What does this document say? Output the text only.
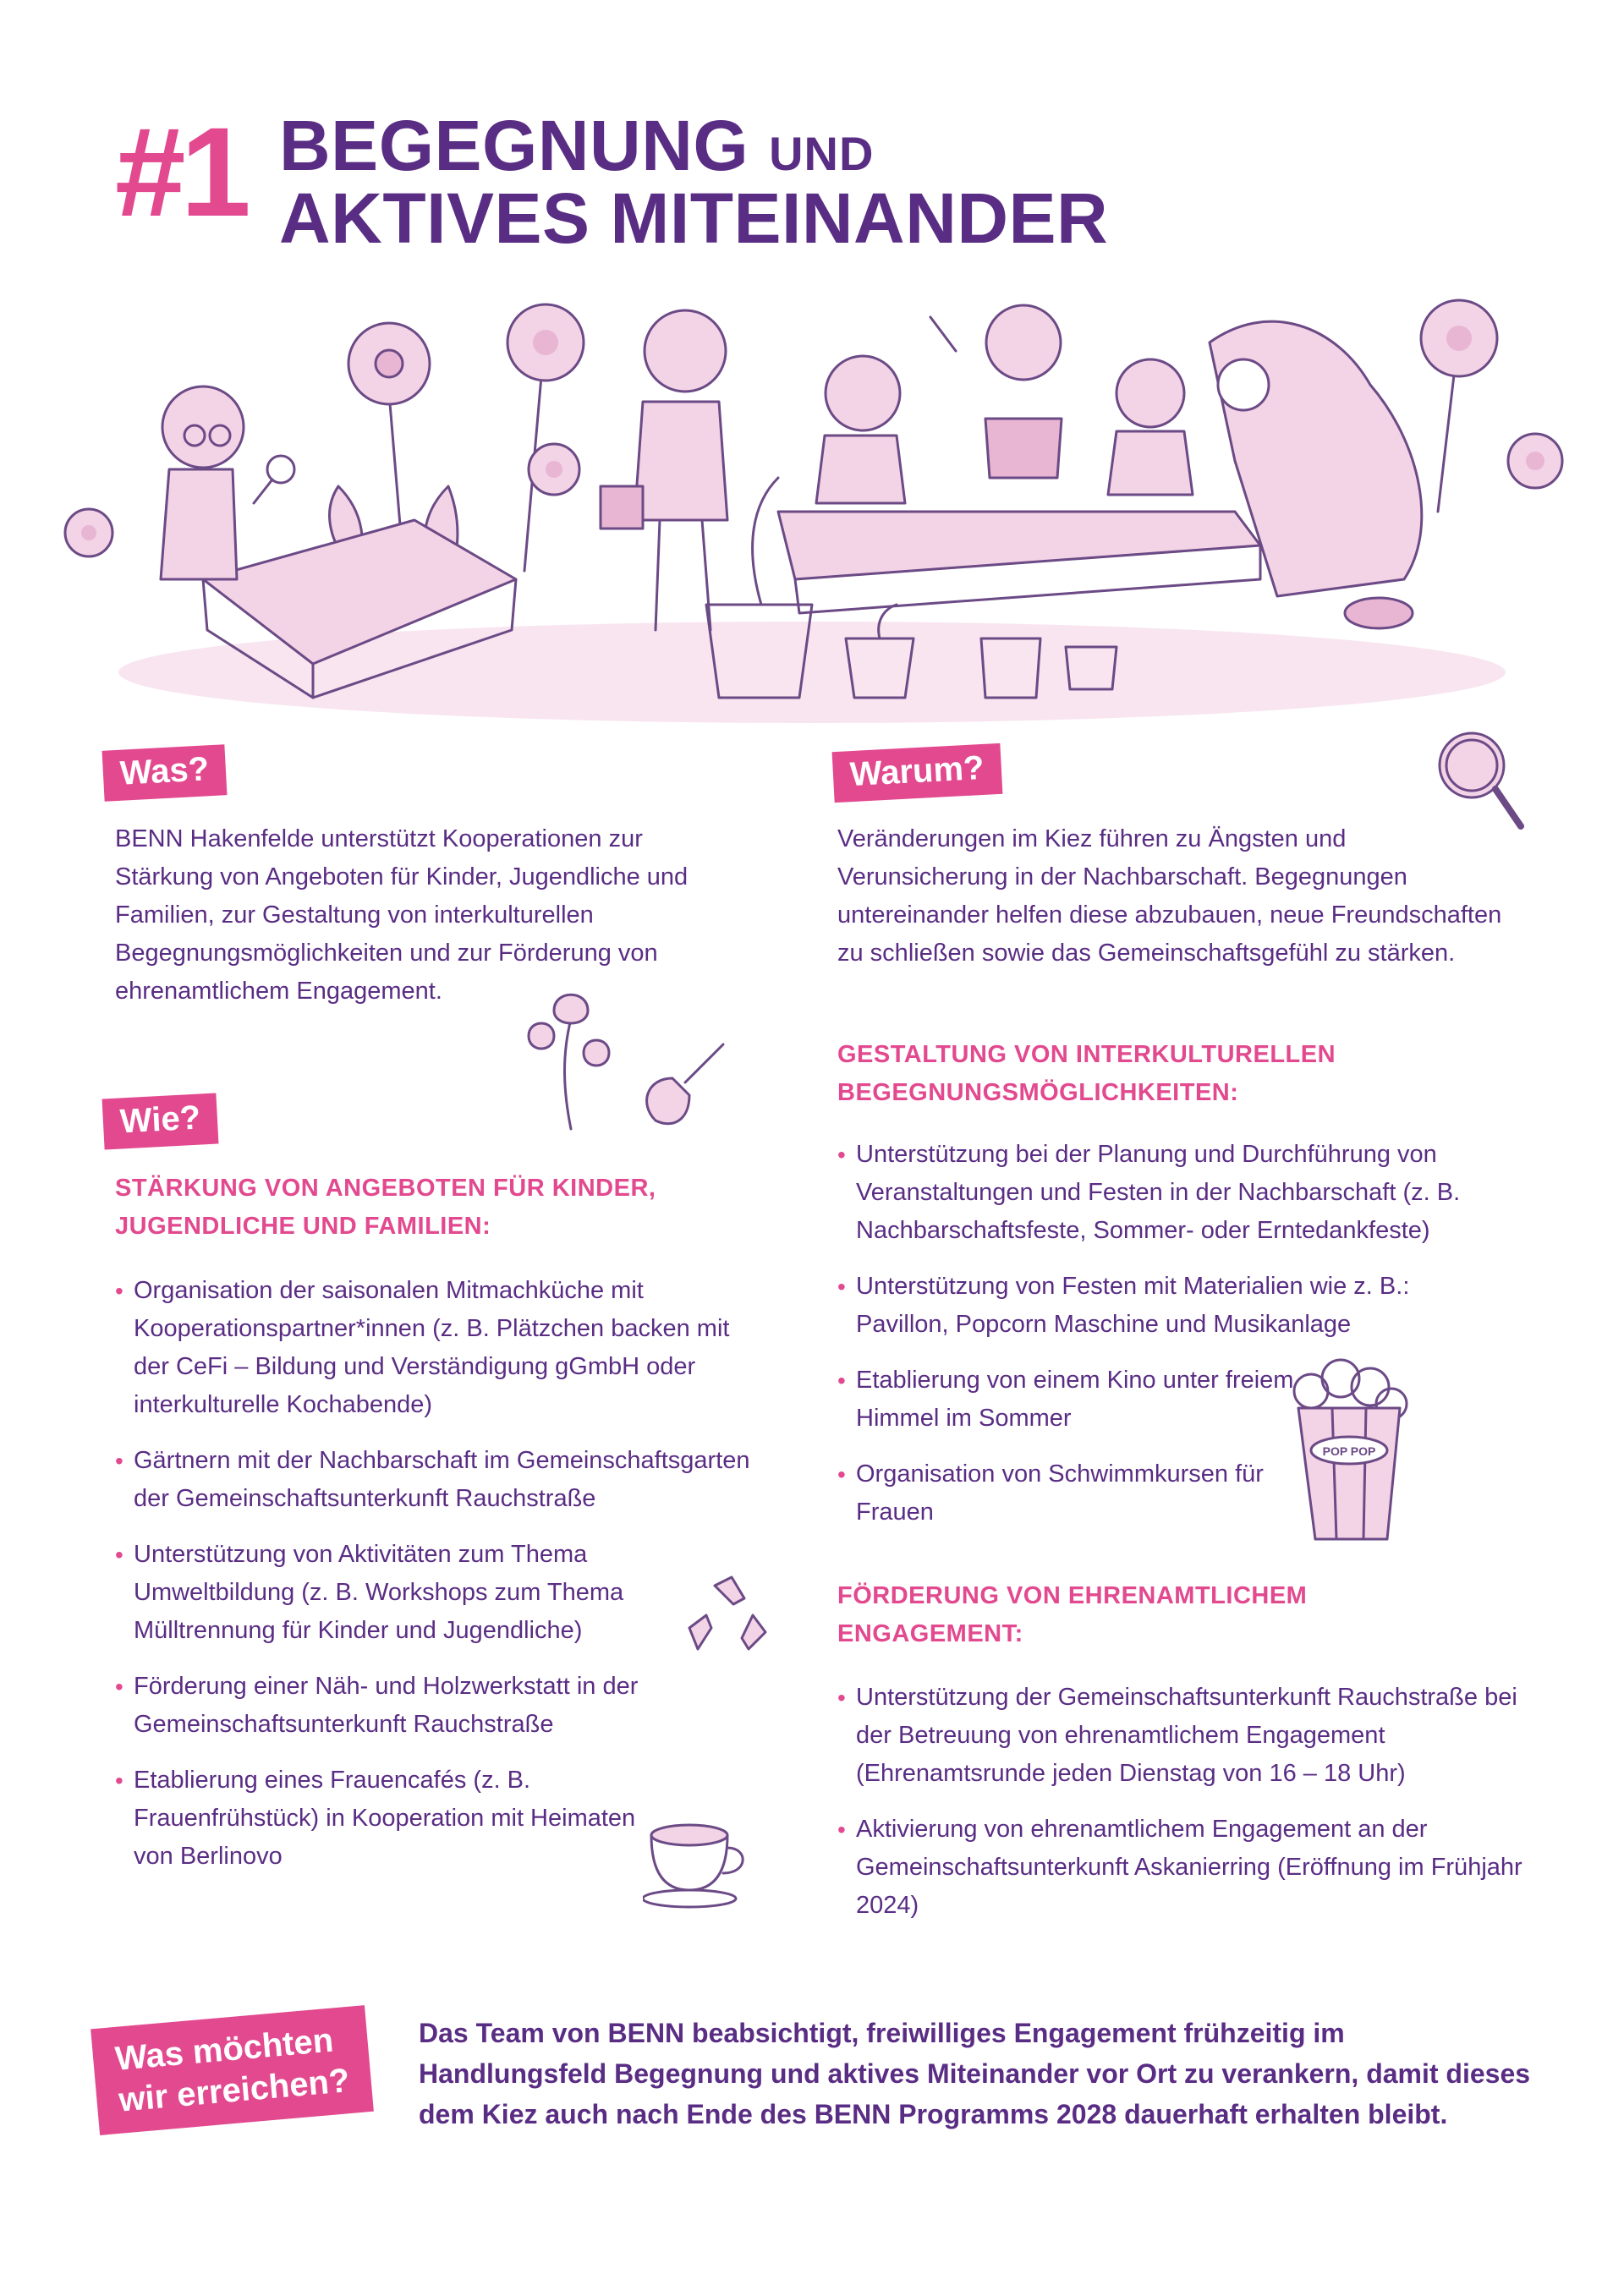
#1 BEGEGNUNG UND
AKTIVES MITEINANDER
Was?
BENN Hakenfelde unterstützt Kooperationen zur Stärkung von Angeboten für Kinder, Jugendliche und Familien, zur Gestaltung von interkulturellen Begegnungsmöglichkeiten und zur Förderung von ehrenamtlichem Engagement.
Warum?
Veränderungen im Kiez führen zu Ängsten und Verunsicherung in der Nachbarschaft. Begegnungen untereinander helfen diese abzubauen, neue Freundschaften zu schließen sowie das Gemeinschaftsgefühl zu stärken.
Wie?
STÄRKUNG VON ANGEBOTEN FÜR KINDER, JUGENDLICHE UND FAMILIEN:
• Organisation der saisonalen Mitmachküche mit Kooperationspartner*innen (z. B. Plätzchen backen mit der CeFi – Bildung und Verständigung gGmbH oder interkulturelle Kochabende)
• Gärtnern mit der Nachbarschaft im Gemeinschaftsgarten der Gemeinschaftsunterkunft Rauchstraße
• Unterstützung von Aktivitäten zum Thema Umweltbildung (z. B. Workshops zum Thema Mülltrennung für Kinder und Jugendliche)
• Förderung einer Näh- und Holzwerkstatt in der Gemeinschaftsunterkunft Rauchstraße
• Etablierung eines Frauencafés (z. B. Frauenfrühstück) in Kooperation mit Heimaten von Berlinovo
GESTALTUNG VON INTERKULTURELLEN BEGEGNUNGSMÖGLICHKEITEN:
• Unterstützung bei der Planung und Durchführung von Veranstaltungen und Festen in der Nachbarschaft (z. B. Nachbarschaftsfeste, Sommer- oder Erntedankfeste)
• Unterstützung von Festen mit Materialien wie z. B.: Pavillon, Popcorn Maschine und Musikanlage
• Etablierung von einem Kino unter freiem Himmel im Sommer
• Organisation von Schwimmkursen für Frauen
POP POP
FÖRDERUNG VON EHRENAMTLICHEM ENGAGEMENT:
• Unterstützung der Gemeinschaftsunterkunft Rauchstraße bei der Betreuung von ehrenamtlichem Engagement (Ehrenamtsrunde jeden Dienstag von 16 – 18 Uhr)
• Aktivierung von ehrenamtlichem Engagement an der Gemeinschaftsunterkunft Askanierring (Eröffnung im Frühjahr 2024)
Was möchten
wir erreichen?
Das Team von BENN beabsichtigt, freiwilliges Engagement frühzeitig im Handlungsfeld Begegnung und aktives Miteinander vor Ort zu verankern, damit dieses dem Kiez auch nach Ende des BENN Programms 2028 dauerhaft erhalten bleibt.
